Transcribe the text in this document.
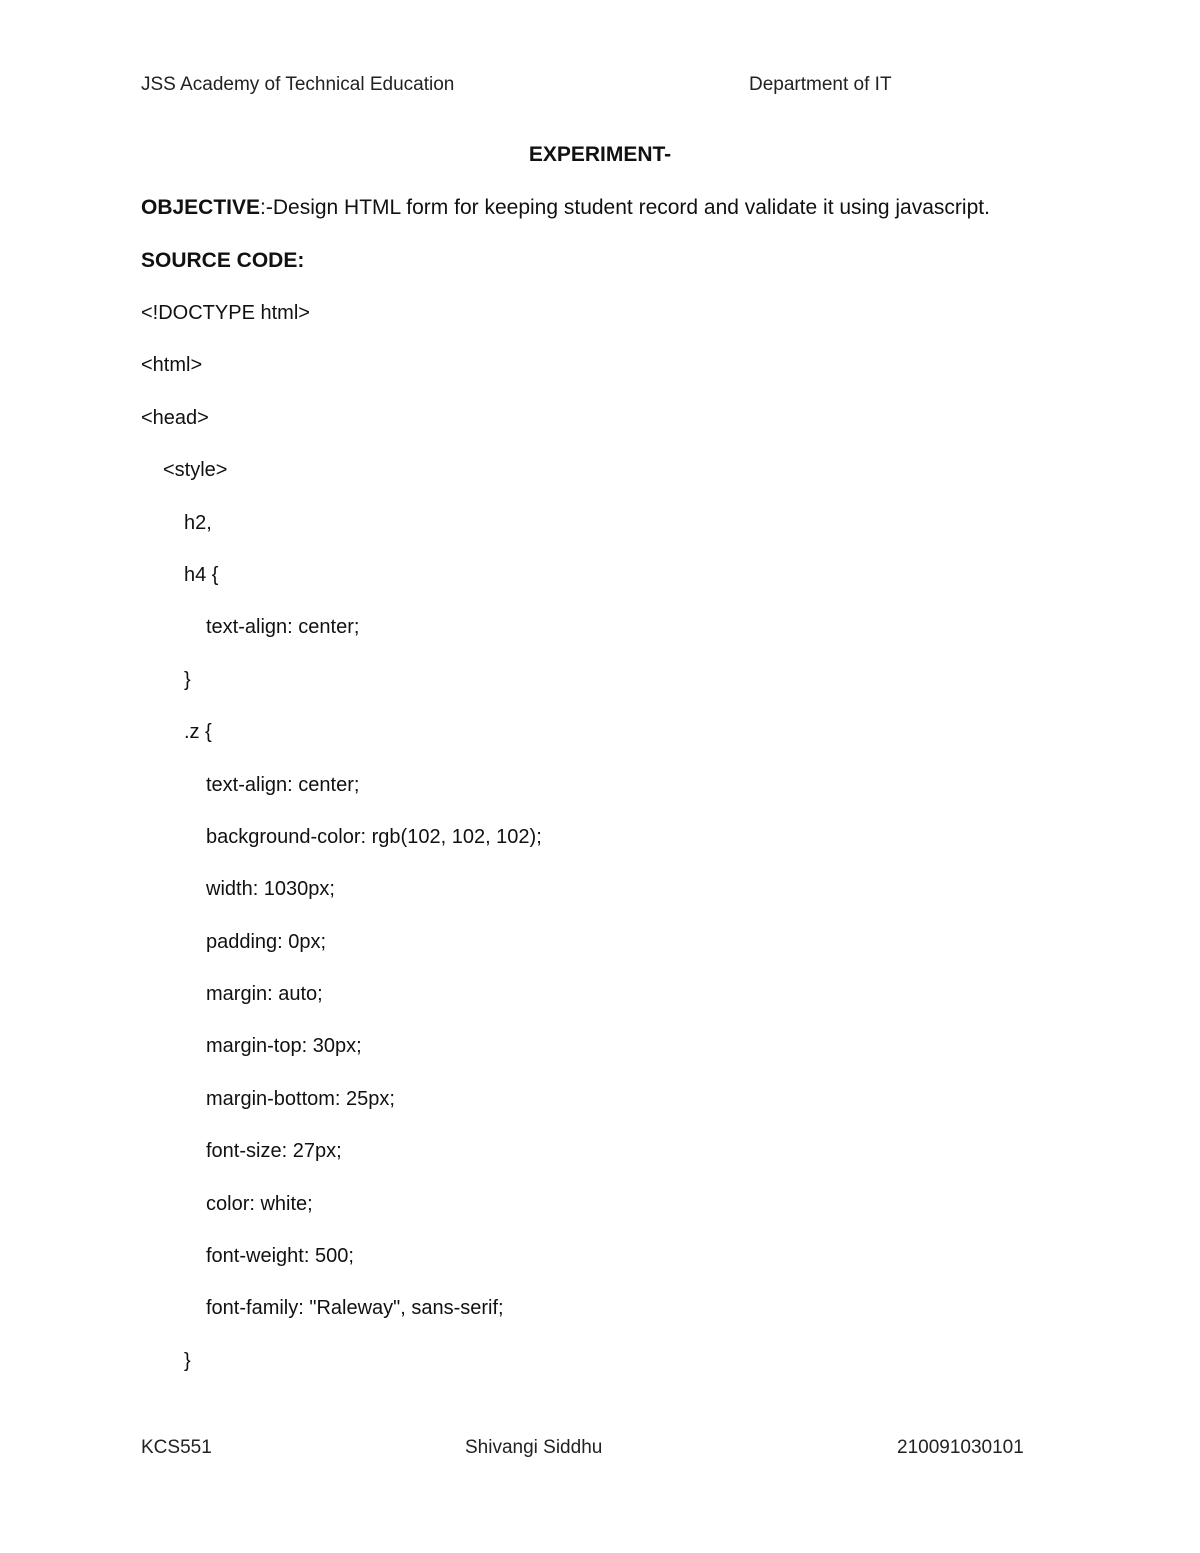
JSS Academy of Technical Education	Department of IT
EXPERIMENT-
OBJECTIVE:-Design HTML form for keeping student record and validate it using javascript.
SOURCE CODE:
<!DOCTYPE html>
<html>
<head>
<style>
h2,
h4 {
text-align: center;
}
.z {
text-align: center;
background-color: rgb(102, 102, 102);
width: 1030px;
padding: 0px;
margin: auto;
margin-top: 30px;
margin-bottom: 25px;
font-size: 27px;
color: white;
font-weight: 500;
font-family: "Raleway", sans-serif;
}
KCS551	Shivangi Siddhu	210091030101
